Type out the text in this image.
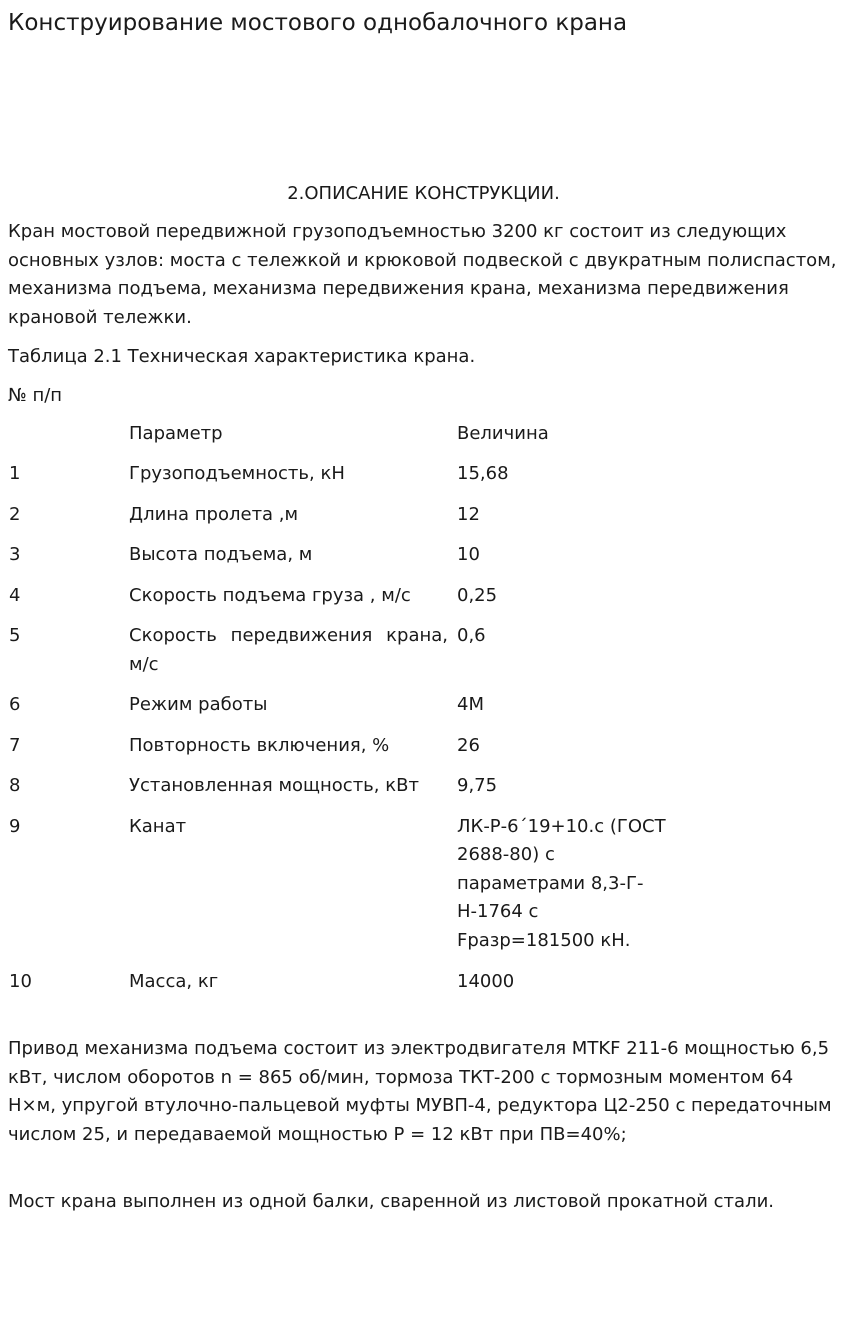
Конструирование мостового однобалочного крана
2.ОПИСАНИЕ КОНСТРУКЦИИ.

Кран мостовой передвижной грузоподъемностью 3200 кг состоит из следующих основных узлов: моста с тележкой и крюковой подвеской с двукратным полиспастом, механизма подъема, механизма передвижения крана, механизма передвижения крановой тележки.

Таблица 2.1 Техническая характеристика крана.

№ п/п

	Параметр	Величина
1	Грузоподъемность, кН	15,68
2	Длина пролета ,м	12
3	Высота подъема, м	10
4	Скорость подъема груза , м/с	0,25
5	Скорость передвижения крана, м/с	0,6
6	Режим работы	4М
7	Повторность включения, %	26
8	Установленная мощность, кВт	9,75
9	Канат	ЛК-Р-6´19+10.с (ГОСТ 2688-80) с параметрами 8,3-Г-Н-1764 с Fразр=181500 кН.
10	Масса, кг	14000

Привод механизма подъема состоит из электродвигателя MTKF 211-6 мощностью 6,5 кВт, числом оборотов n = 865 об/мин, тормоза ТКТ-200 с тормозным моментом 64 Н×м, упругой втулочно-пальцевой муфты МУВП-4, редуктора Ц2-250 с передаточным числом 25, и передаваемой мощностью Р = 12 кВт при ПВ=40%;

Мост крана выполнен из одной балки, сваренной из листовой прокатной стали.
